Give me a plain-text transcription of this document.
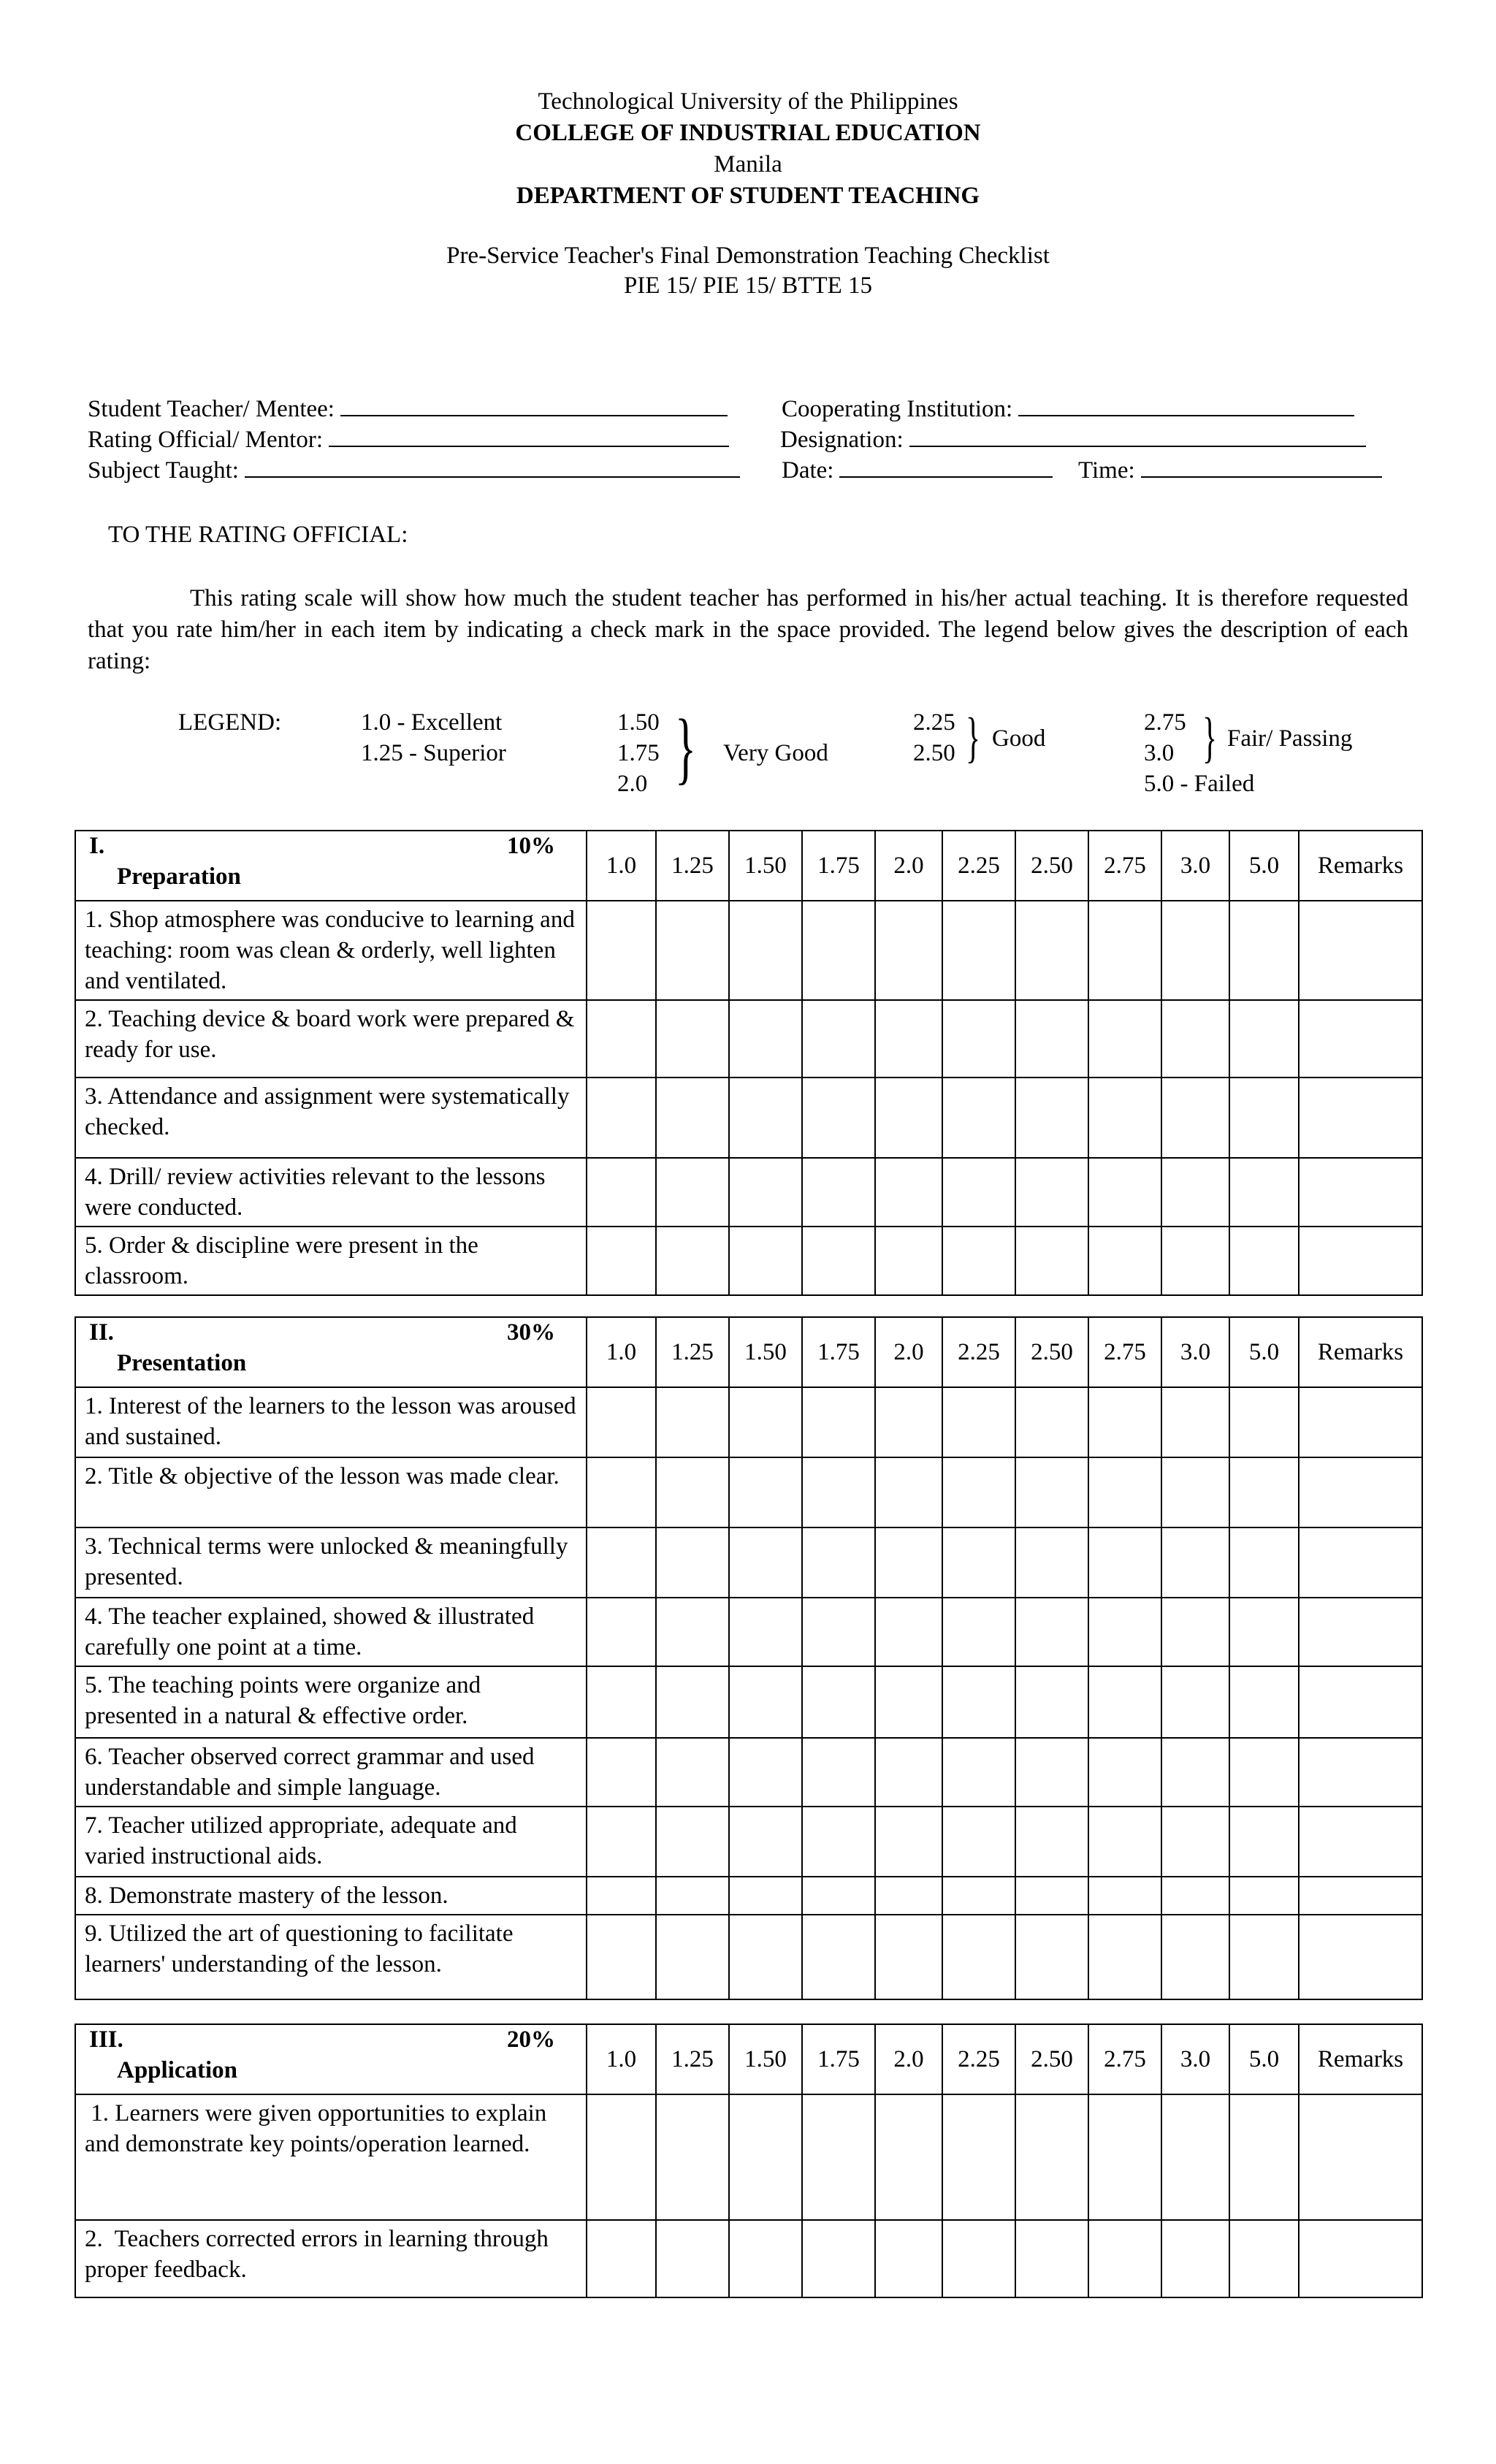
Technological University of the Philippines
COLLEGE OF INDUSTRIAL EDUCATION
Manila
DEPARTMENT OF STUDENT TEACHING
Pre-Service Teacher's Final Demonstration Teaching Checklist
PIE 15/ PIE 15/ BTTE 15
Student Teacher/ Mentee:	Cooperating Institution:
Rating Official/ Mentor:	Designation:
Subject Taught:	Date:	Time:
TO THE RATING OFFICIAL:
This rating scale will show how much the student teacher has performed in his/her actual teaching. It is therefore requested that you rate him/her in each item by indicating a check mark in the space provided. The legend below gives the description of each rating:
LEGEND:	1.0 - Excellent
1.25 - Superior
1.50
1.75
2.0 } Very Good
2.25
2.50 } Good
2.75
3.0 } Fair/ Passing
5.0 - Failed
I. 10%
Preparation	1.0	1.25	1.50	1.75	2.0	2.25	2.50	2.75	3.0	5.0	Remarks
1. Shop atmosphere was conducive to learning and teaching: room was clean & orderly, well lighten and ventilated.											
2. Teaching device & board work were prepared & ready for use.											
3. Attendance and assignment were systematically checked.											
4. Drill/ review activities relevant to the lessons were conducted.											
5. Order & discipline were present in the classroom.											
II. 30%
Presentation	1.0	1.25	1.50	1.75	2.0	2.25	2.50	2.75	3.0	5.0	Remarks
1. Interest of the learners to the lesson was aroused and sustained.											
2. Title & objective of the lesson was made clear.											
3. Technical terms were unlocked & meaningfully presented.											
4. The teacher explained, showed & illustrated carefully one point at a time.											
5. The teaching points were organize and presented in a natural & effective order.											
6. Teacher observed correct grammar and used understandable and simple language.											
7. Teacher utilized appropriate, adequate and varied instructional aids.											
8. Demonstrate mastery of the lesson.											
9. Utilized the art of questioning to facilitate learners' understanding of the lesson.											
III. 20%
Application	1.0	1.25	1.50	1.75	2.0	2.25	2.50	2.75	3.0	5.0	Remarks
1. Learners were given opportunities to explain and demonstrate key points/operation learned.											
2.  Teachers corrected errors in learning through proper feedback.											
